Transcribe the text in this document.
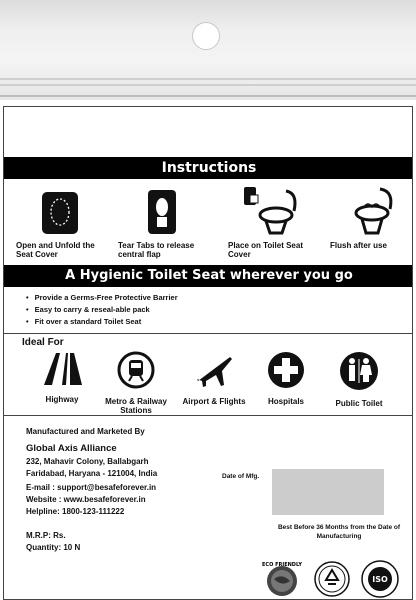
Instructions
Open and Unfold the Seat Cover
Tear Tabs to release central flap
Place on Toilet Seat Cover
Flush after use
A Hygienic Toilet Seat wherever you go
• Provide a Germs-Free Protective Barrier
• Easy to carry & reseal-able pack
• Fit over a standard Toilet Seat
Ideal For
Highway	Metro & Railway Stations
Airport & Flights	Hospitals	Public Toilet
Manufactured and Marketed By
Global Axis Alliance
232, Mahavir Colony, Ballabgarh
Faridabad, Haryana - 121004, India
E-mail : support@besafeforever.in
Website : www.besafeforever.in
Helpline: 1800-123-111222
M.R.P: Rs.
Quantity: 10 N
Date of Mfg.
Best Before 36 Months from the Date of Manufacturing
ECO FRIENDLY
ISO
